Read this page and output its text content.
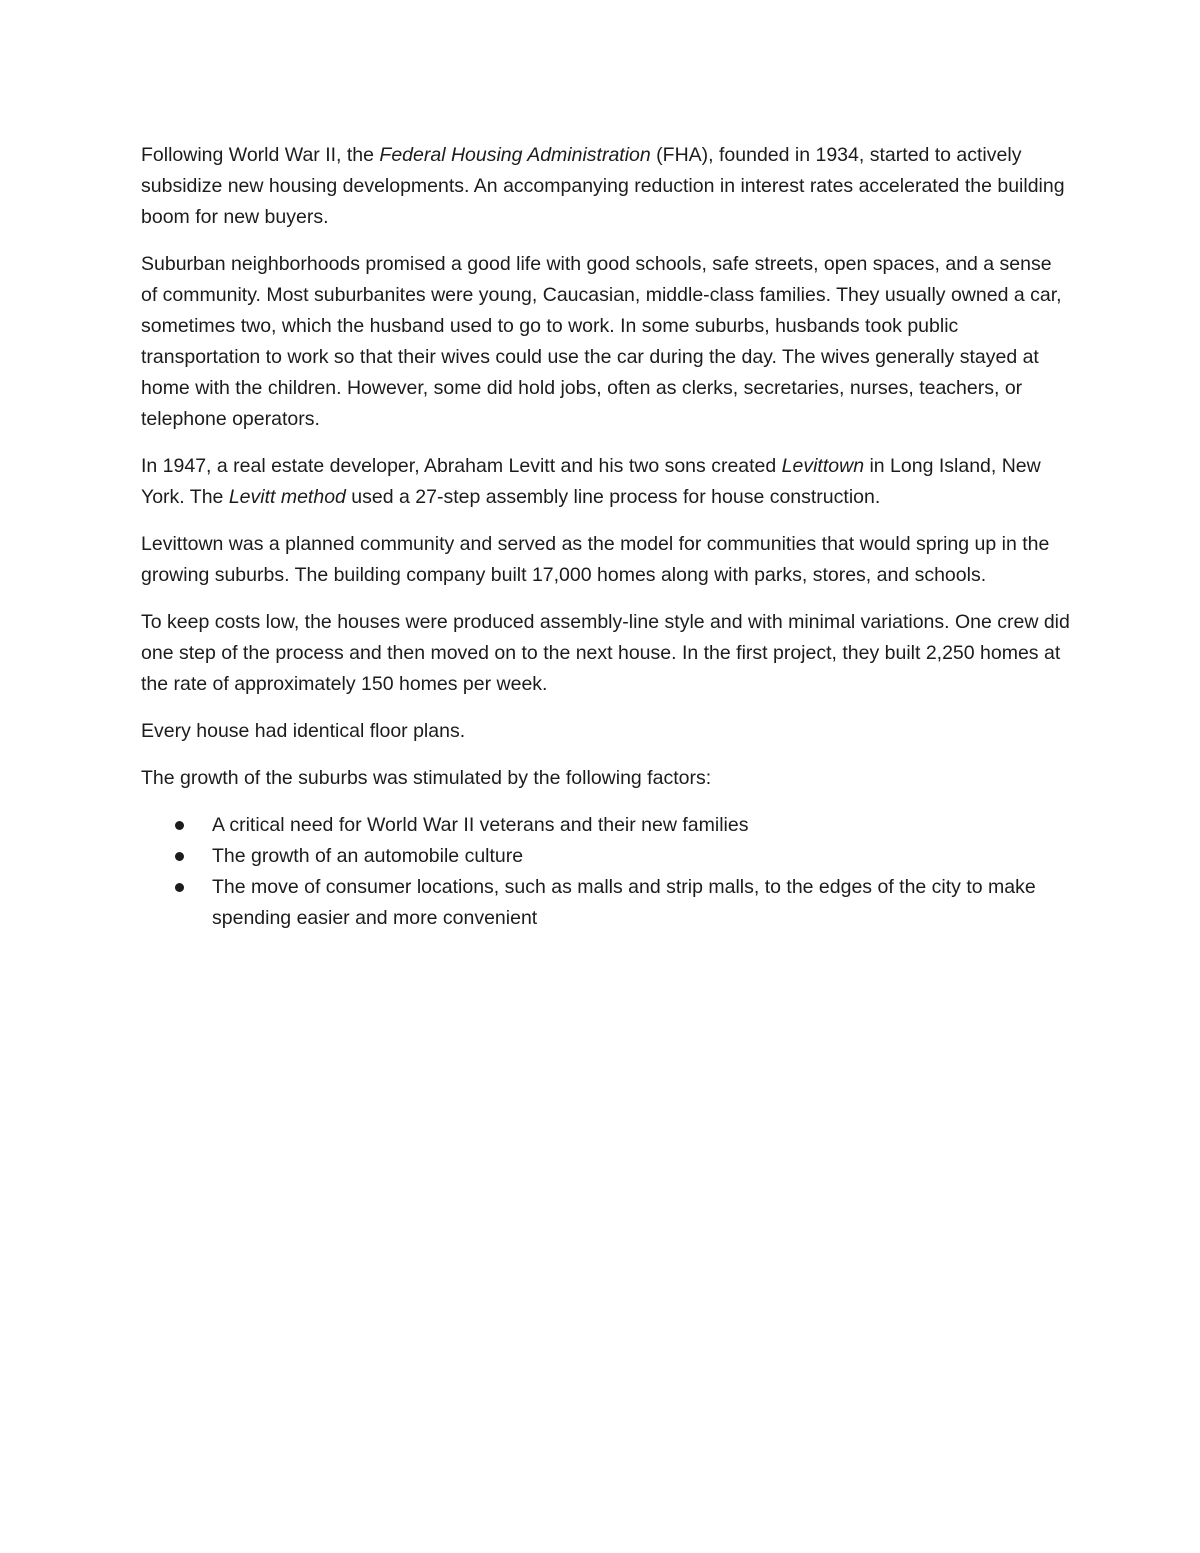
Following World War II, the Federal Housing Administration (FHA), founded in 1934, started to actively subsidize new housing developments. An accompanying reduction in interest rates accelerated the building boom for new buyers.

Suburban neighborhoods promised a good life with good schools, safe streets, open spaces, and a sense of community. Most suburbanites were young, Caucasian, middle-class families. They usually owned a car, sometimes two, which the husband used to go to work. In some suburbs, husbands took public transportation to work so that their wives could use the car during the day. The wives generally stayed at home with the children. However, some did hold jobs, often as clerks, secretaries, nurses, teachers, or telephone operators.

In 1947, a real estate developer, Abraham Levitt and his two sons created Levittown in Long Island, New York. The Levitt method used a 27-step assembly line process for house construction.

Levittown was a planned community and served as the model for communities that would spring up in the growing suburbs. The building company built 17,000 homes along with parks, stores, and schools.

To keep costs low, the houses were produced assembly-line style and with minimal variations. One crew did one step of the process and then moved on to the next house. In the first project, they built 2,250 homes at the rate of approximately 150 homes per week.

Every house had identical floor plans.

The growth of the suburbs was stimulated by the following factors:

A critical need for World War II veterans and their new families
The growth of an automobile culture
The move of consumer locations, such as malls and strip malls, to the edges of the city to make spending easier and more convenient
